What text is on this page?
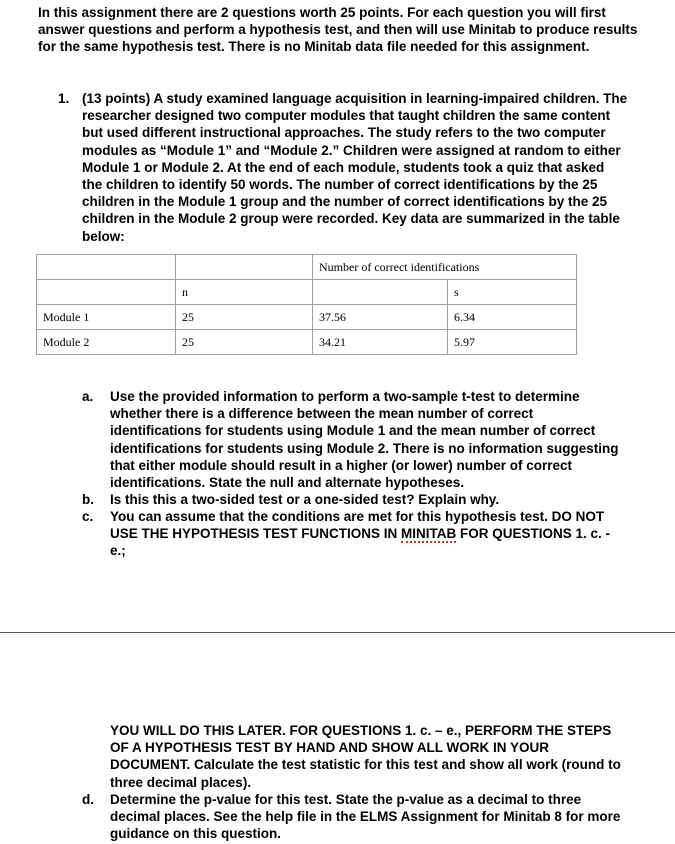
In this assignment there are 2 questions worth 25 points. For each question you will first answer questions and perform a hypothesis test, and then will use Minitab to produce results for the same hypothesis test. There is no Minitab data file needed for this assignment.
1. (13 points) A study examined language acquisition in learning-impaired children. The researcher designed two computer modules that taught children the same content but used different instructional approaches. The study refers to the two computer modules as “Module 1” and “Module 2.” Children were assigned at random to either Module 1 or Module 2. At the end of each module, students took a quiz that asked the children to identify 50 words. The number of correct identifications by the 25 children in the Module 1 group and the number of correct identifications by the 25 children in the Module 2 group were recorded. Key data are summarized in the table below:
		Number of correct identifications	
	n		s
Module 1	25	37.56	6.34
Module 2	25	34.21	5.97
a. Use the provided information to perform a two-sample t-test to determine whether there is a difference between the mean number of correct identifications for students using Module 1 and the mean number of correct identifications for students using Module 2. There is no information suggesting that either module should result in a higher (or lower) number of correct identifications. State the null and alternate hypotheses.
b. Is this this a two-sided test or a one-sided test? Explain why.
c. You can assume that the conditions are met for this hypothesis test. DO NOT USE THE HYPOTHESIS TEST FUNCTIONS IN MINITAB FOR QUESTIONS 1. c. - e.;
YOU WILL DO THIS LATER. FOR QUESTIONS 1. c. – e., PERFORM THE STEPS OF A HYPOTHESIS TEST BY HAND AND SHOW ALL WORK IN YOUR DOCUMENT. Calculate the test statistic for this test and show all work (round to three decimal places).
d. Determine the p-value for this test. State the p-value as a decimal to three decimal places. See the help file in the ELMS Assignment for Minitab 8 for more guidance on this question.
